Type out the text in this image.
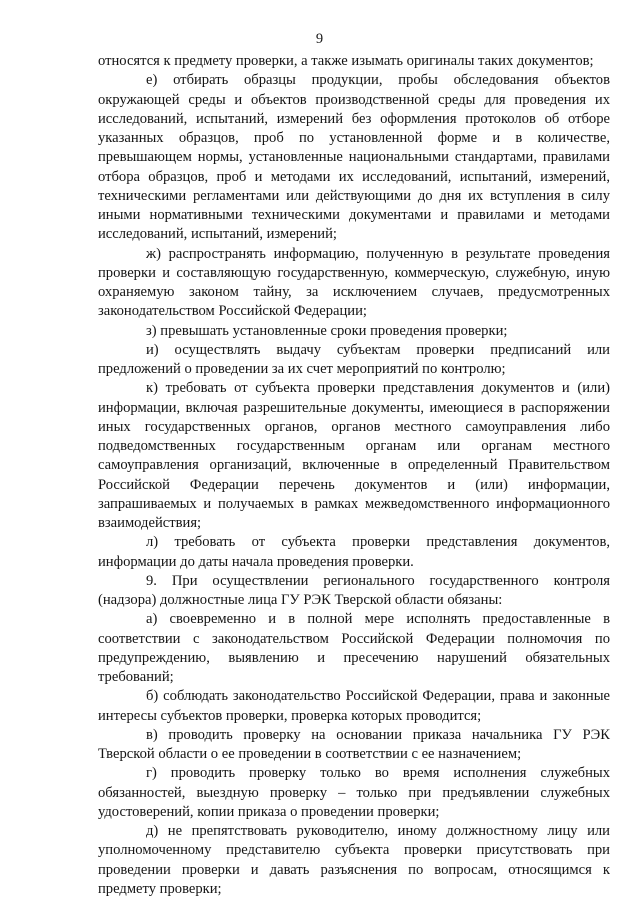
9

относятся к предмету проверки, а также изымать оригиналы таких документов;

е) отбирать образцы продукции, пробы обследования объектов окружающей среды и объектов производственной среды для проведения их исследований, испытаний, измерений без оформления протоколов об отборе указанных образцов, проб по установленной форме и в количестве, превышающем нормы, установленные национальными стандартами, правилами отбора образцов, проб и методами их исследований, испытаний, измерений, техническими регламентами или действующими до дня их вступления в силу иными нормативными техническими документами и правилами и методами исследований, испытаний, измерений;

ж) распространять информацию, полученную в результате проведения проверки и составляющую государственную, коммерческую, служебную, иную охраняемую законом тайну, за исключением случаев, предусмотренных законодательством Российской Федерации;

з) превышать установленные сроки проведения проверки;

и) осуществлять выдачу субъектам проверки предписаний или предложений о проведении за их счет мероприятий по контролю;

к) требовать от субъекта проверки представления документов и (или) информации, включая разрешительные документы, имеющиеся в распоряжении иных государственных органов, органов местного самоуправления либо подведомственных государственным органам или органам местного самоуправления организаций, включенные в определенный Правительством Российской Федерации перечень документов и (или) информации, запрашиваемых и получаемых в рамках межведомственного информационного взаимодействия;

л) требовать от субъекта проверки представления документов, информации до даты начала проведения проверки.

9. При осуществлении регионального государственного контроля (надзора) должностные лица ГУ РЭК Тверской области обязаны:

а) своевременно и в полной мере исполнять предоставленные в соответствии с законодательством Российской Федерации полномочия по предупреждению, выявлению и пресечению нарушений обязательных требований;

б) соблюдать законодательство Российской Федерации, права и законные интересы субъектов проверки, проверка которых проводится;

в) проводить проверку на основании приказа начальника ГУ РЭК Тверской области о ее проведении в соответствии с ее назначением;

г) проводить проверку только во время исполнения служебных обязанностей, выездную проверку – только при предъявлении служебных удостоверений, копии приказа о проведении проверки;

д) не препятствовать руководителю, иному должностному лицу или уполномоченному представителю субъекта проверки присутствовать при проведении проверки и давать разъяснения по вопросам, относящимся к предмету проверки;
